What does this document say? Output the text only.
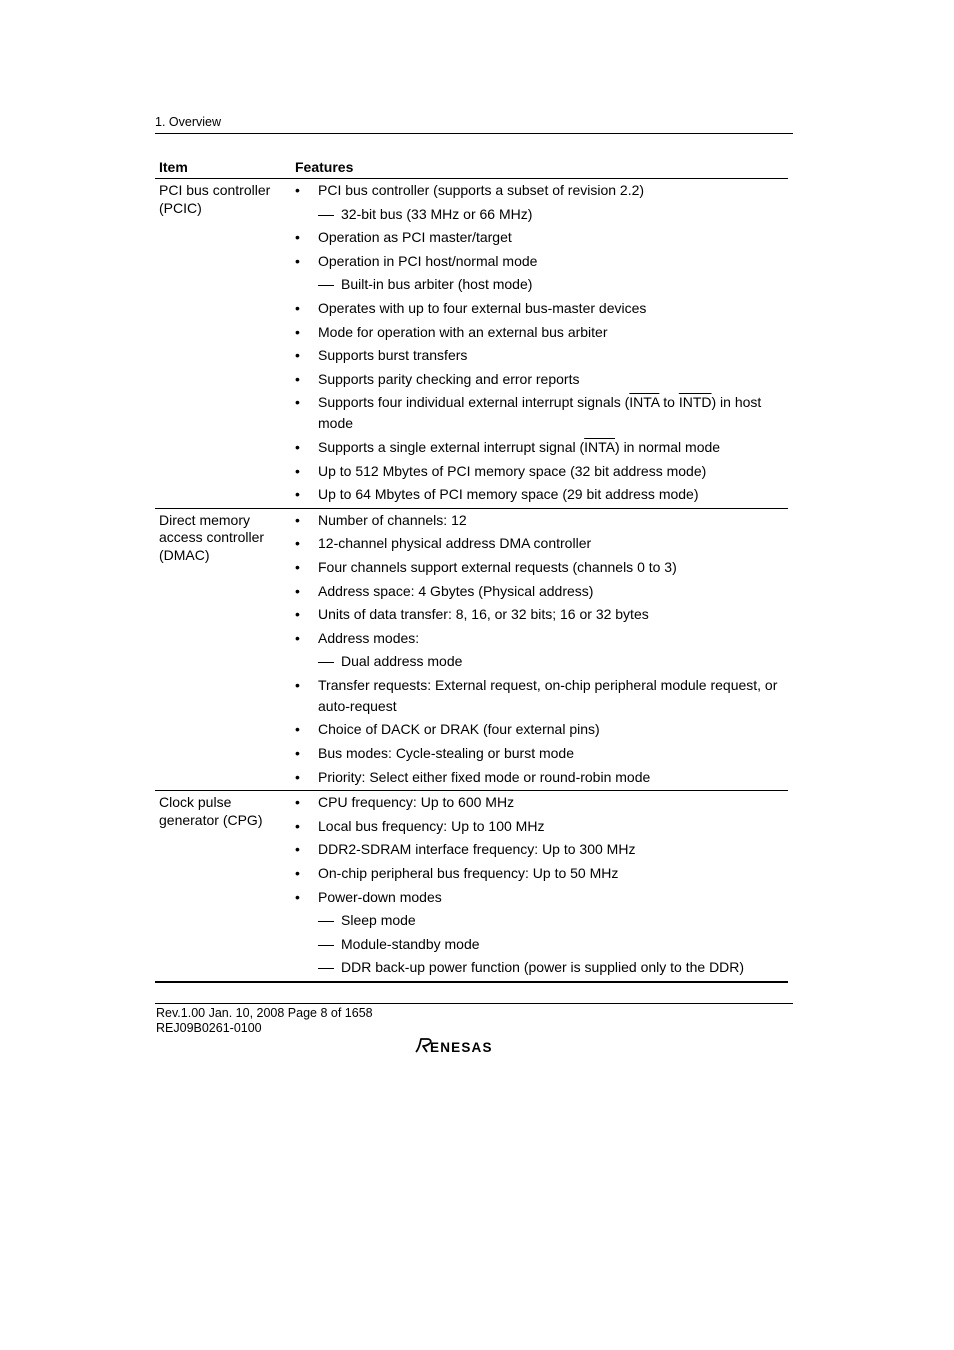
1. Overview
Item	Features
PCI bus controller
(PCIC)
• PCI bus controller (supports a subset of revision 2.2)
32-bit bus (33 MHz or 66 MHz)
• Operation as PCI master/target
• Operation in PCI host/normal mode
Built-in bus arbiter (host mode)
• Operates with up to four external bus-master devices
• Mode for operation with an external bus arbiter
• Supports burst transfers
• Supports parity checking and error reports
• Supports four individual external interrupt signals (INTA to INTD) in host mode
• Supports a single external interrupt signal (INTA) in normal mode
• Up to 512 Mbytes of PCI memory space (32 bit address mode)
• Up to 64 Mbytes of PCI memory space (29 bit address mode)
Direct memory
access controller
(DMAC)
• Number of channels: 12
• 12-channel physical address DMA controller
• Four channels support external requests (channels 0 to 3)
• Address space: 4 Gbytes (Physical address)
• Units of data transfer: 8, 16, or 32 bits; 16 or 32 bytes
• Address modes:
Dual address mode
• Transfer requests: External request, on-chip peripheral module request, or auto-request
• Choice of DACK or DRAK (four external pins)
• Bus modes: Cycle-stealing or burst mode
• Priority: Select either fixed mode or round-robin mode
Clock pulse
generator (CPG)
• CPU frequency: Up to 600 MHz
• Local bus frequency: Up to 100 MHz
• DDR2-SDRAM interface frequency: Up to 300 MHz
• On-chip peripheral bus frequency: Up to 50 MHz
• Power-down modes
Sleep mode
Module-standby mode
DDR back-up power function (power is supplied only to the DDR)
Rev.1.00 Jan. 10, 2008 Page 8 of 1658
REJ09B0261-0100
ENESAS
